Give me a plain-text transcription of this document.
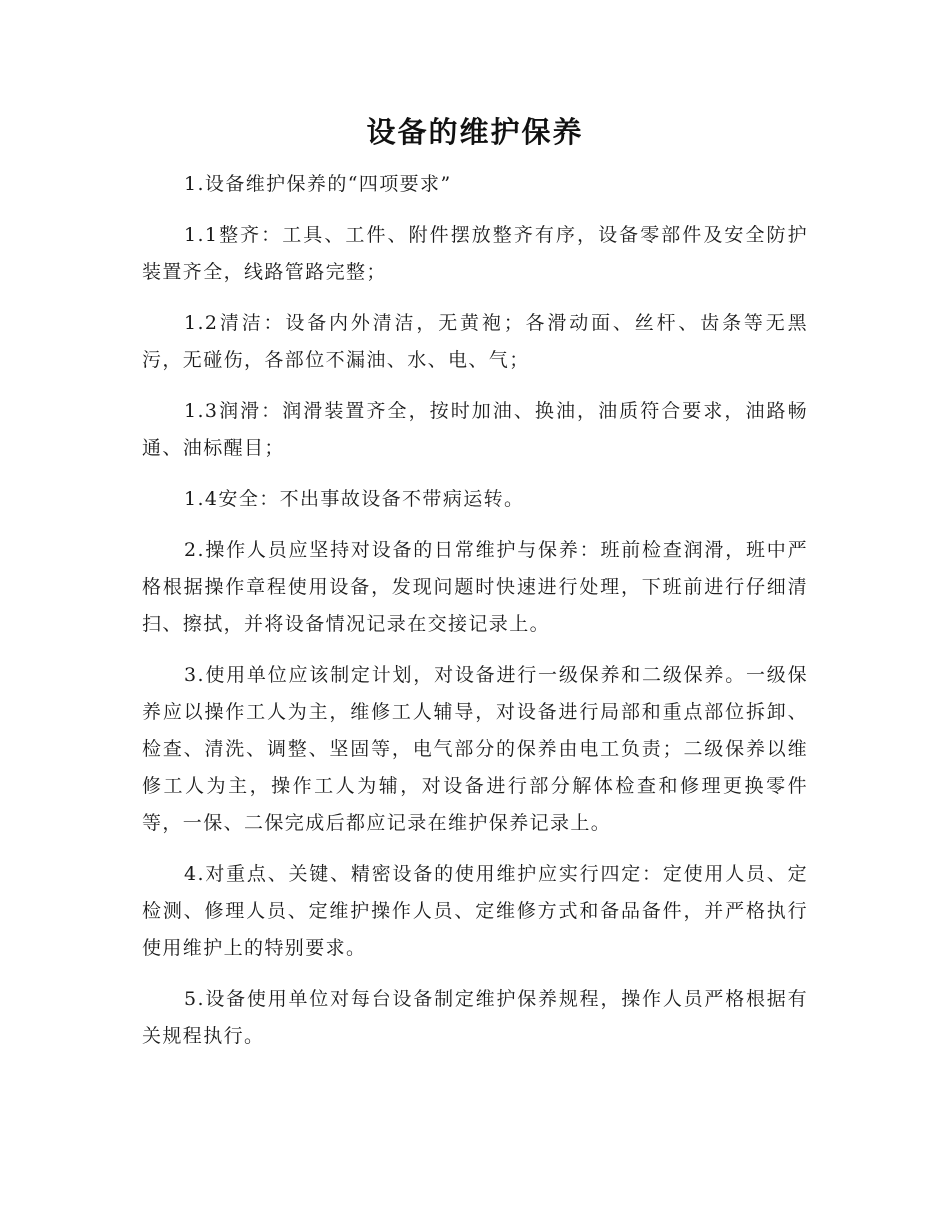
设备的维护保养

1.设备维护保养的“四项要求”

1.1整齐：工具、工件、附件摆放整齐有序，设备零部件及安全防护装置齐全，线路管路完整；

1.2清洁：设备内外清洁，无黄袍；各滑动面、丝杆、齿条等无黑污，无碰伤，各部位不漏油、水、电、气；

1.3润滑：润滑装置齐全，按时加油、换油，油质符合要求，油路畅通、油标醒目；

1.4安全：不出事故设备不带病运转。

2.操作人员应坚持对设备的日常维护与保养：班前检查润滑，班中严格根据操作章程使用设备，发现问题时快速进行处理，下班前进行仔细清扫、擦拭，并将设备情况记录在交接记录上。

3.使用单位应该制定计划，对设备进行一级保养和二级保养。一级保养应以操作工人为主，维修工人辅导，对设备进行局部和重点部位拆卸、检查、清洗、调整、坚固等，电气部分的保养由电工负责；二级保养以维修工人为主，操作工人为辅，对设备进行部分解体检查和修理更换零件等，一保、二保完成后都应记录在维护保养记录上。

4.对重点、关键、精密设备的使用维护应实行四定：定使用人员、定检测、修理人员、定维护操作人员、定维修方式和备品备件，并严格执行使用维护上的特别要求。

5.设备使用单位对每台设备制定维护保养规程，操作人员严格根据有关规程执行。
